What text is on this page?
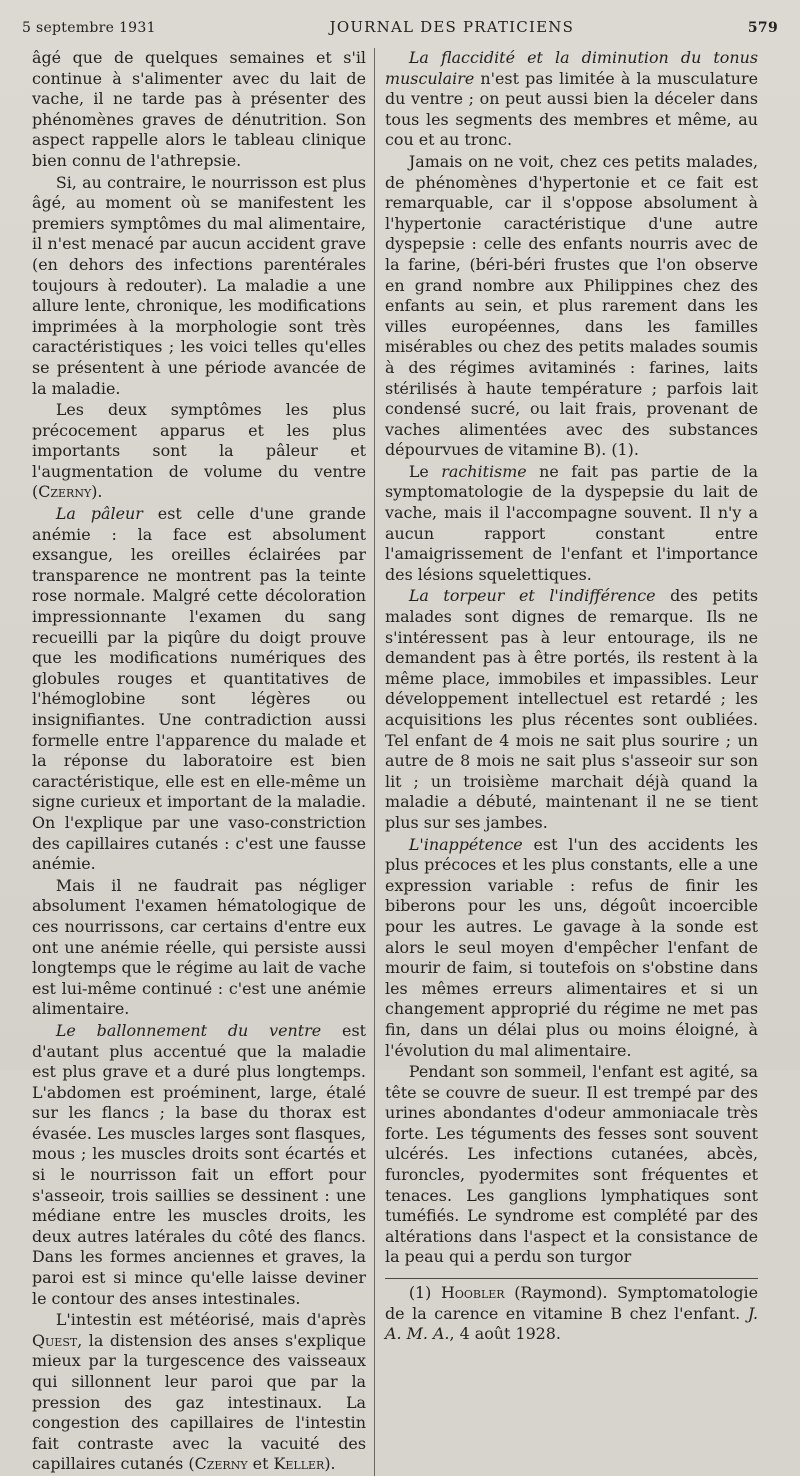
5 septembre 1931	JOURNAL DES PRATICIENS	579

âgé que de quelques semaines et s'il continue à s'alimenter avec du lait de vache, il ne tarde pas à présenter des phénomènes graves de dénutrition. Son aspect rappelle alors le tableau clinique bien connu de l'athrepsie.

Si, au contraire, le nourrisson est plus âgé, au moment où se manifestent les premiers symptômes du mal alimentaire, il n'est menacé par aucun accident grave (en dehors des infections parentérales toujours à redouter). La maladie a une allure lente, chronique, les modifications imprimées à la morphologie sont très caractéristiques ; les voici telles qu'elles se présentent à une période avancée de la maladie.

Les deux symptômes les plus précocement apparus et les plus importants sont la pâleur et l'augmentation de volume du ventre (Czerny).

La pâleur est celle d'une grande anémie : la face est absolument exsangue, les oreilles éclairées par transparence ne montrent pas la teinte rose normale. Malgré cette décoloration impressionnante l'examen du sang recueilli par la piqûre du doigt prouve que les modifications numériques des globules rouges et quantitatives de l'hémoglobine sont légères ou insignifiantes. Une contradiction aussi formelle entre l'apparence du malade et la réponse du laboratoire est bien caractéristique, elle est en elle-même un signe curieux et important de la maladie. On l'explique par une vaso-constriction des capillaires cutanés : c'est une fausse anémie.

Mais il ne faudrait pas négliger absolument l'examen hématologique de ces nourrissons, car certains d'entre eux ont une anémie réelle, qui persiste aussi longtemps que le régime au lait de vache est lui-même continué : c'est une anémie alimentaire.

Le ballonnement du ventre est d'autant plus accentué que la maladie est plus grave et a duré plus longtemps. L'abdomen est proéminent, large, étalé sur les flancs ; la base du thorax est évasée. Les muscles larges sont flasques, mous ; les muscles droits sont écartés et si le nourrisson fait un effort pour s'asseoir, trois saillies se dessinent : une médiane entre les muscles droits, les deux autres latérales du côté des flancs. Dans les formes anciennes et graves, la paroi est si mince qu'elle laisse deviner le contour des anses intestinales.

L'intestin est météorisé, mais d'après Quest, la distension des anses s'explique mieux par la turgescence des vaisseaux qui sillonnent leur paroi que par la pression des gaz intestinaux. La congestion des capillaires de l'intestin fait contraste avec la vacuité des capillaires cutanés (Czerny et Keller).

La flaccidité et la diminution du tonus musculaire n'est pas limitée à la musculature du ventre ; on peut aussi bien la déceler dans tous les segments des membres et même, au cou et au tronc.

Jamais on ne voit, chez ces petits malades, de phénomènes d'hypertonie et ce fait est remarquable, car il s'oppose absolument à l'hypertonie caractéristique d'une autre dyspepsie : celle des enfants nourris avec de la farine, (béri-béri frustes que l'on observe en grand nombre aux Philippines chez des enfants au sein, et plus rarement dans les villes européennes, dans les familles misérables ou chez des petits malades soumis à des régimes avitaminés : farines, laits stérilisés à haute température ; parfois lait condensé sucré, ou lait frais, provenant de vaches alimentées avec des substances dépourvues de vitamine B). (1).

Le rachitisme ne fait pas partie de la symptomatologie de la dyspepsie du lait de vache, mais il l'accompagne souvent. Il n'y a aucun rapport constant entre l'amaigrissement de l'enfant et l'importance des lésions squelettiques.

La torpeur et l'indifférence des petits malades sont dignes de remarque. Ils ne s'intéressent pas à leur entourage, ils ne demandent pas à être portés, ils restent à la même place, immobiles et impassibles. Leur développement intellectuel est retardé ; les acquisitions les plus récentes sont oubliées. Tel enfant de 4 mois ne sait plus sourire ; un autre de 8 mois ne sait plus s'asseoir sur son lit ; un troisième marchait déjà quand la maladie a débuté, maintenant il ne se tient plus sur ses jambes.

L'inappétence est l'un des accidents les plus précoces et les plus constants, elle a une expression variable : refus de finir les biberons pour les uns, dégoût incoercible pour les autres. Le gavage à la sonde est alors le seul moyen d'empêcher l'enfant de mourir de faim, si toutefois on s'obstine dans les mêmes erreurs alimentaires et si un changement approprié du régime ne met pas fin, dans un délai plus ou moins éloigné, à l'évolution du mal alimentaire.

Pendant son sommeil, l'enfant est agité, sa tête se couvre de sueur. Il est trempé par des urines abondantes d'odeur ammoniacale très forte. Les téguments des fesses sont souvent ulcérés. Les infections cutanées, abcès, furoncles, pyodermites sont fréquentes et tenaces. Les ganglions lymphatiques sont tuméfiés. Le syndrome est complété par des altérations dans l'aspect et la consistance de la peau qui a perdu son turgor

(1) Hoobler (Raymond). Symptomatologie de la carence en vitamine B chez l'enfant. J. A. M. A., 4 août 1928.
